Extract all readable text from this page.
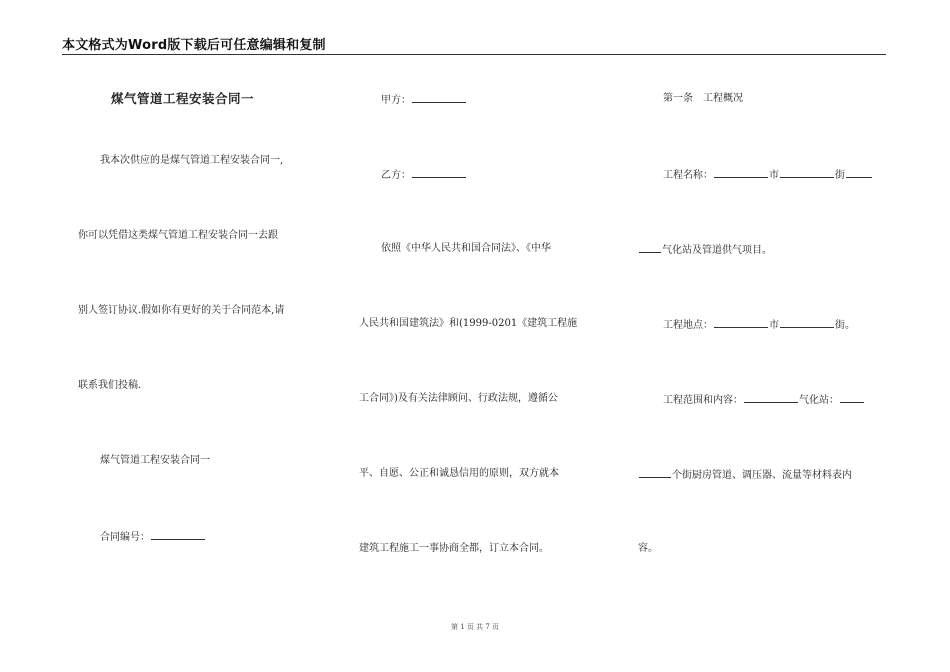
本文格式为Word版下载后可任意编辑和复制
煤气管道工程安装合同一
我本次供应的是煤气管道工程安装合同一,
你可以凭借这类煤气管道工程安装合同一去跟
别人签订协议.假如你有更好的关于合同范本,请
联系我们投稿.
煤气管道工程安装合同一
合同编号：
甲方：
乙方：
依照《中华人民共和国合同法》、《中华
人民共和国建筑法》和(1999-0201《建筑工程施
工合同》)及有关法律顾问、行政法规，遵循公
平、自愿、公正和诚恳信用的原则，双方就本
建筑工程施工一事协商全都，订立本合同。
第一条　工程概况
工程名称：	市	街
气化站及管道供气项目。
工程地点：	市	街。
工程范围和内容：	气化站：
个街厨房管道、调压器、流量等材料表内
容。
第 1 页 共 7 页
